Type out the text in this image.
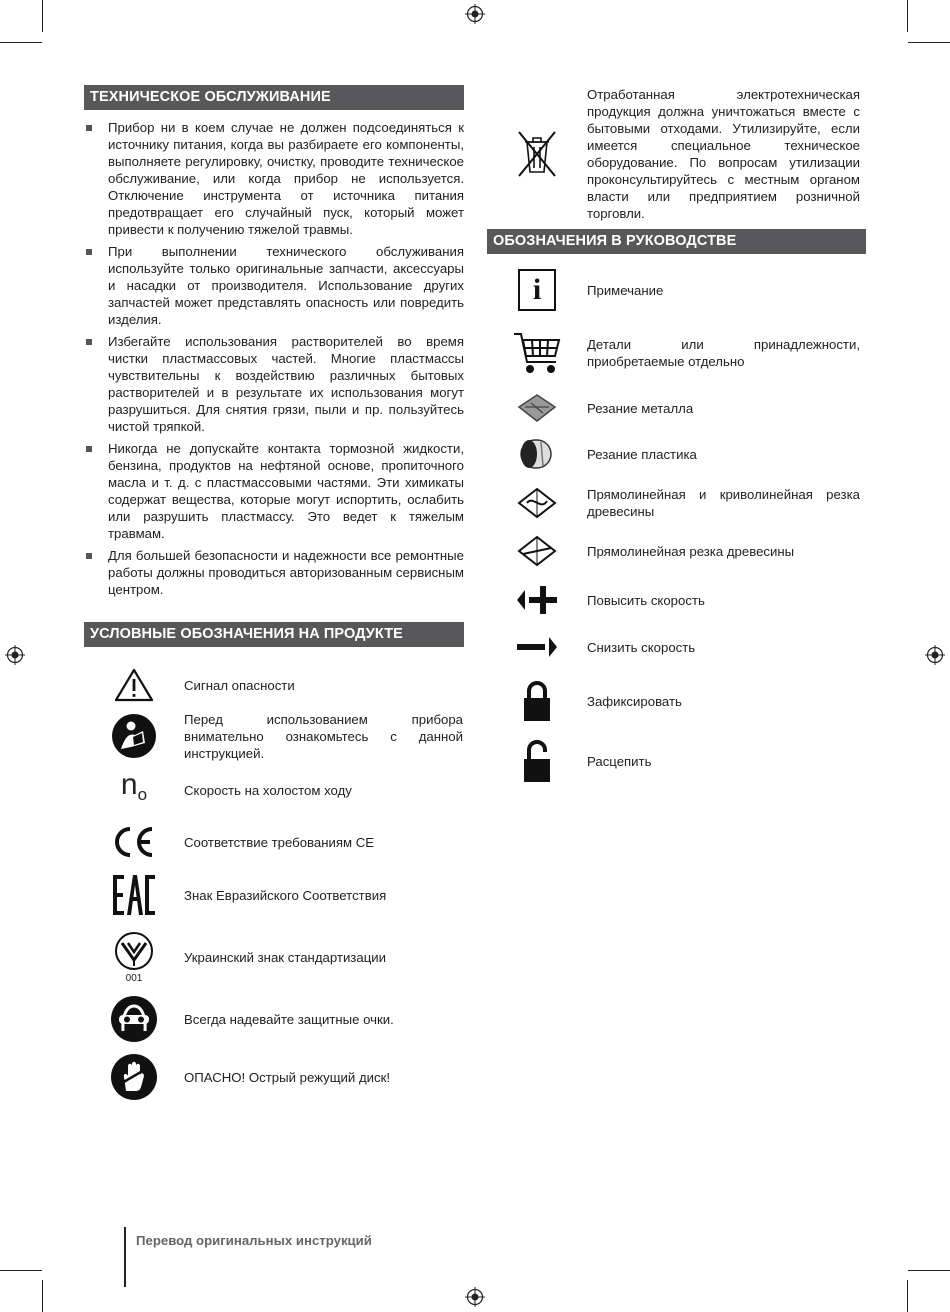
ТЕХНИЧЕСКОЕ ОБСЛУЖИВАНИЕ
Прибор ни в коем случае не должен подсоединяться к источнику питания, когда вы разбираете его компоненты, выполняете регулировку, очистку, проводите техническое обслуживание, или когда прибор не используется. Отключение инструмента от источника питания предотвращает его случайный пуск, который может привести к получению тяжелой травмы.
При выполнении технического обслуживания используйте только оригинальные запчасти, аксессуары и насадки от производителя. Использование других запчастей может представлять опасность или повредить изделия.
Избегайте использования растворителей во время чистки пластмассовых частей. Многие пластмассы чувствительны к воздействию различных бытовых растворителей и в результате их использования могут разрушиться. Для снятия грязи, пыли и пр. пользуйтесь чистой тряпкой.
Никогда не допускайте контакта тормозной жидкости, бензина, продуктов на нефтяной основе, пропиточного масла и т. д. с пластмассовыми частями. Эти химикаты содержат вещества, которые могут испортить, ослабить или разрушить пластмассу. Это ведет к тяжелым травмам.
Для большей безопасности и надежности все ремонтные работы должны проводиться авторизованным сервисным центром.
УСЛОВНЫЕ ОБОЗНАЧЕНИЯ НА ПРОДУКТЕ
Сигнал опасности
Перед использованием прибора внимательно ознакомьтесь с данной инструкцией.
$n_o$	Скорость на холостом ходу
Соответствие требованиям CE
Знак Евразийского Соответствия
001
Украинский знак стандартизации
Всегда надевайте защитные очки.
ОПАСНО! Острый режущий диск!
Отработанная электротехническая продукция должна уничтожаться вместе с бытовыми отходами. Утилизируйте, если имеется специальное техническое оборудование. По вопросам утилизации проконсультируйтесь с местным органом власти или предприятием розничной торговли.
ОБОЗНАЧЕНИЯ В РУКОВОДСТВЕ
i	Примечание
Детали или принадлежности, приобретаемые отдельно
Резание металла
Резание пластика
Прямолинейная и криволинейная резка древесины
Прямолинейная резка древесины
Повысить скорость
Снизить скорость
Зафиксировать
Расцепить
Перевод оригинальных инструкций
